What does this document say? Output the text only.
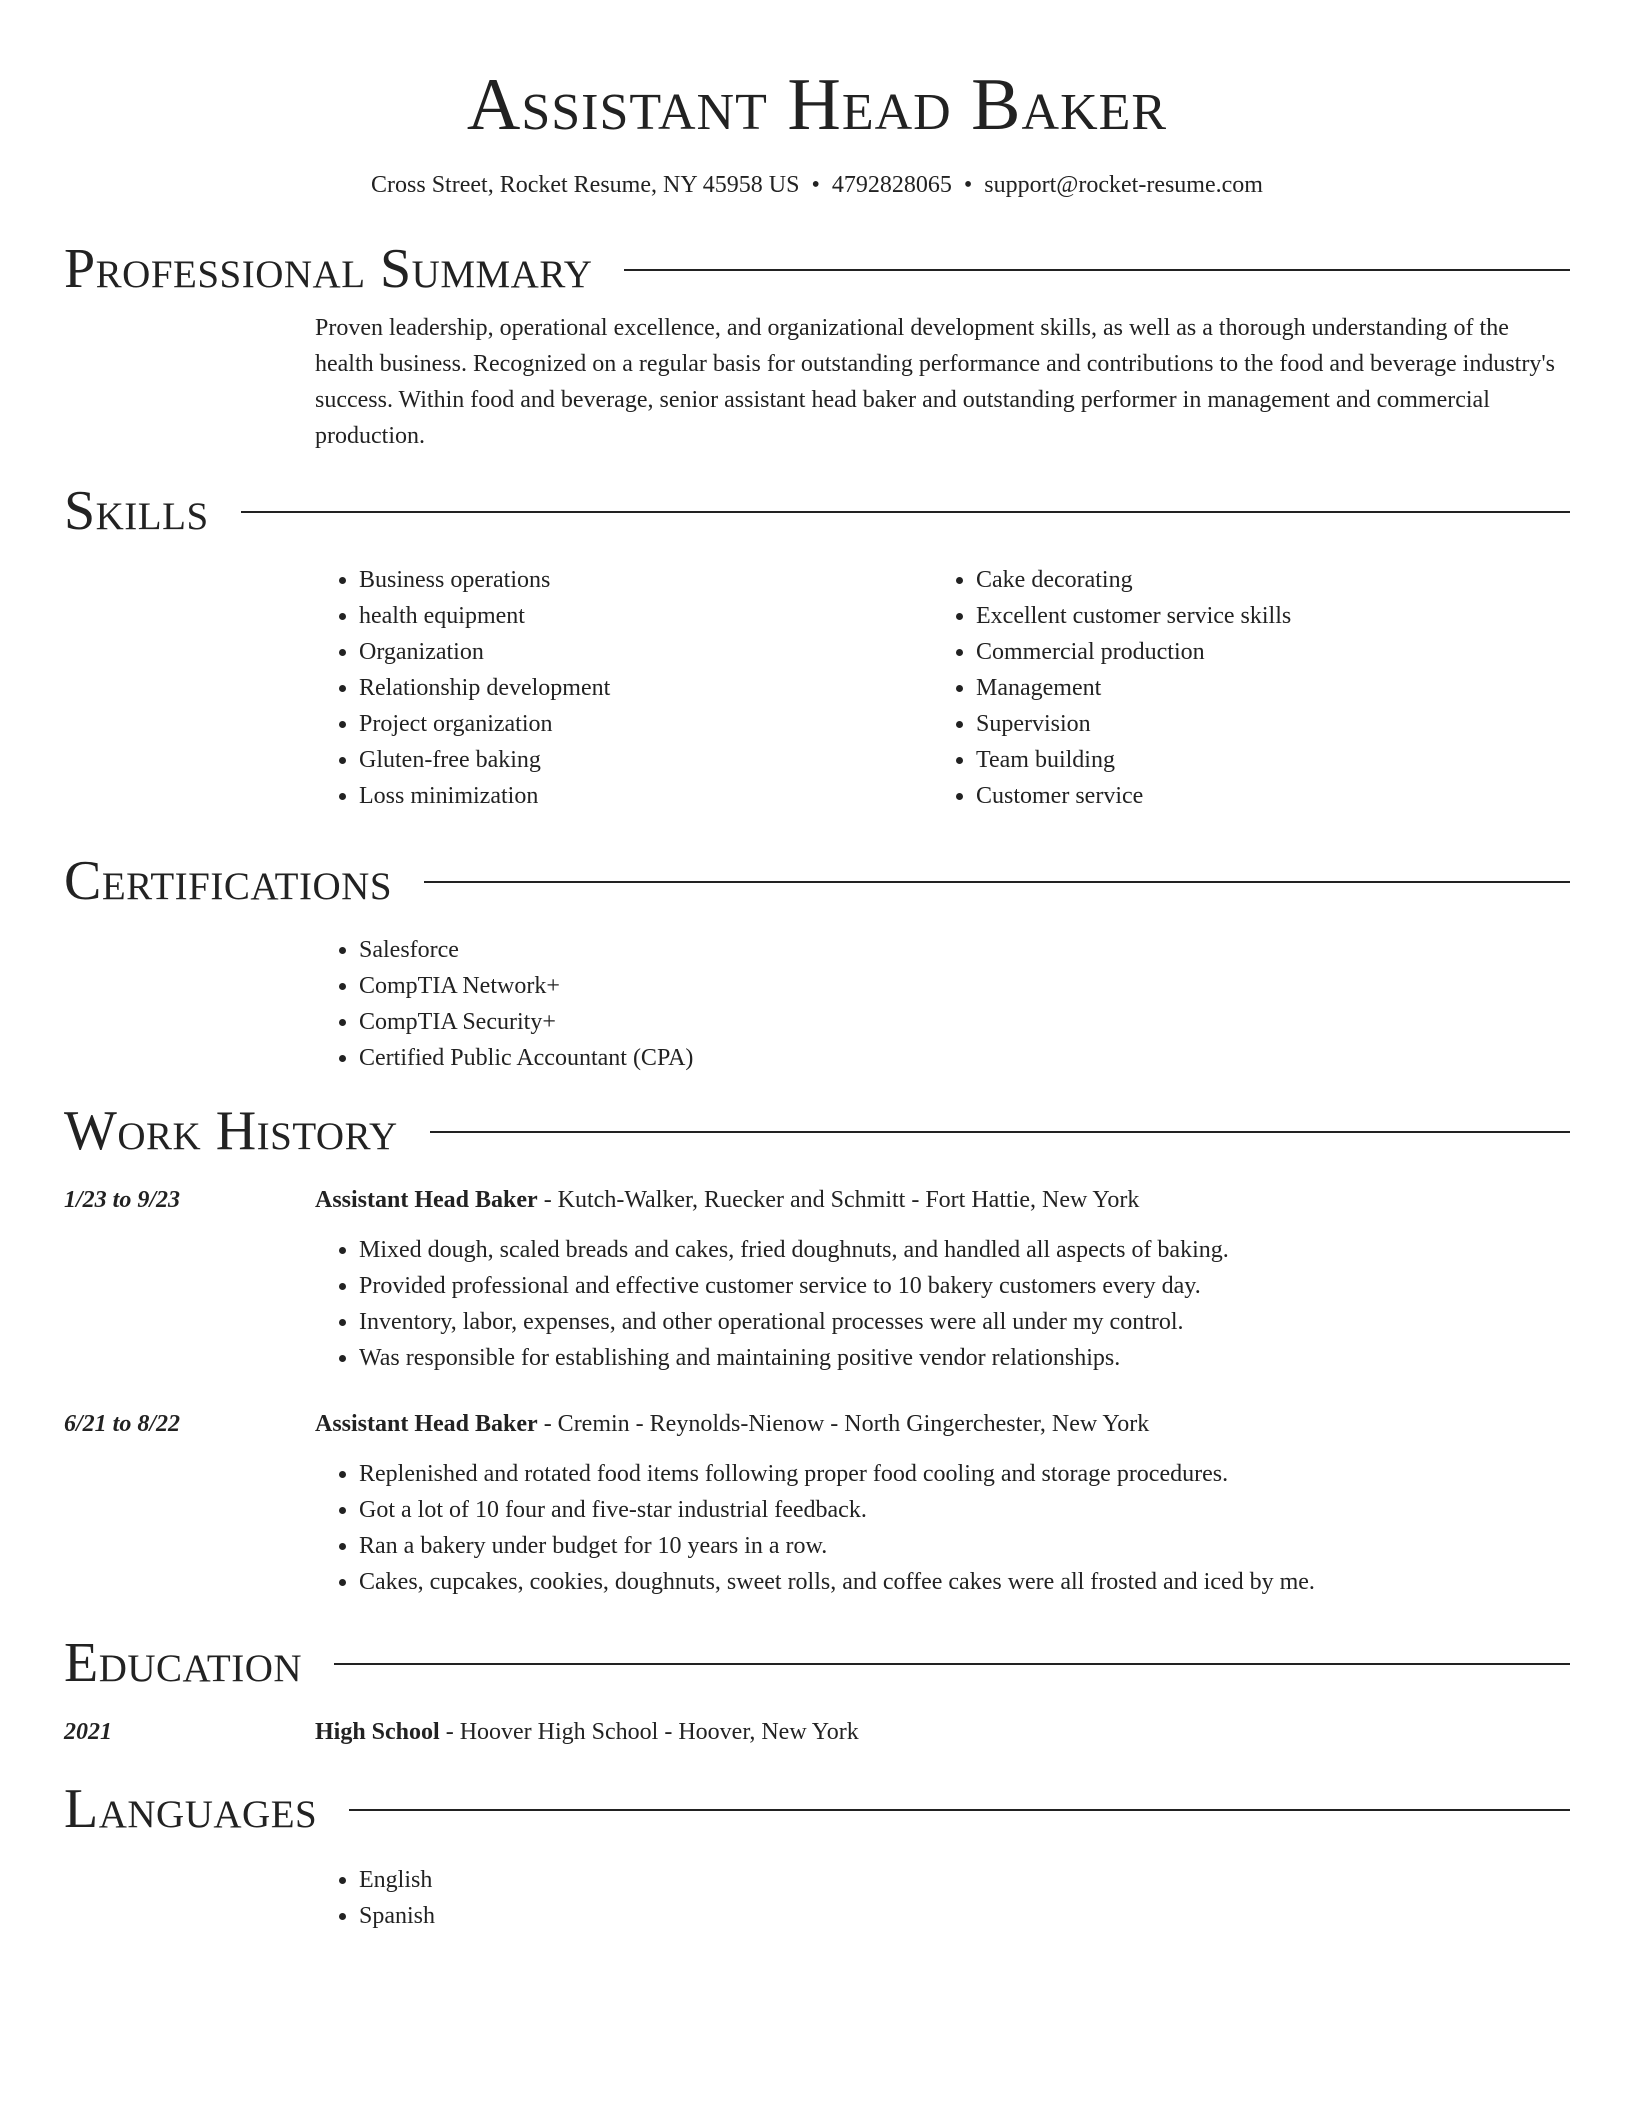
Assistant Head Baker
Cross Street, Rocket Resume, NY 45958 US • 4792828065 • support@rocket-resume.com
Professional Summary

Proven leadership, operational excellence, and organizational development skills, as well as a thorough understanding of the health business. Recognized on a regular basis for outstanding performance and contributions to the food and beverage industry's success. Within food and beverage, senior assistant head baker and outstanding performer in management and commercial production.

Skills
• Business operations
• health equipment
• Organization
• Relationship development
• Project organization
• Gluten-free baking
• Loss minimization
• Cake decorating
• Excellent customer service skills
• Commercial production
• Management
• Supervision
• Team building
• Customer service
Certifications
• Salesforce
• CompTIA Network+
• CompTIA Security+
• Certified Public Accountant (CPA)
Work History
1/23 to 9/23	Assistant Head Baker - Kutch-Walker, Ruecker and Schmitt - Fort Hattie, New York
• Mixed dough, scaled breads and cakes, fried doughnuts, and handled all aspects of baking.
• Provided professional and effective customer service to 10 bakery customers every day.
• Inventory, labor, expenses, and other operational processes were all under my control.
• Was responsible for establishing and maintaining positive vendor relationships.
6/21 to 8/22	Assistant Head Baker - Cremin - Reynolds-Nienow - North Gingerchester, New York
• Replenished and rotated food items following proper food cooling and storage procedures.
• Got a lot of 10 four and five-star industrial feedback.
• Ran a bakery under budget for 10 years in a row.
• Cakes, cupcakes, cookies, doughnuts, sweet rolls, and coffee cakes were all frosted and iced by me.
Education
2021	High School - Hoover High School - Hoover, New York
Languages
• English
• Spanish
